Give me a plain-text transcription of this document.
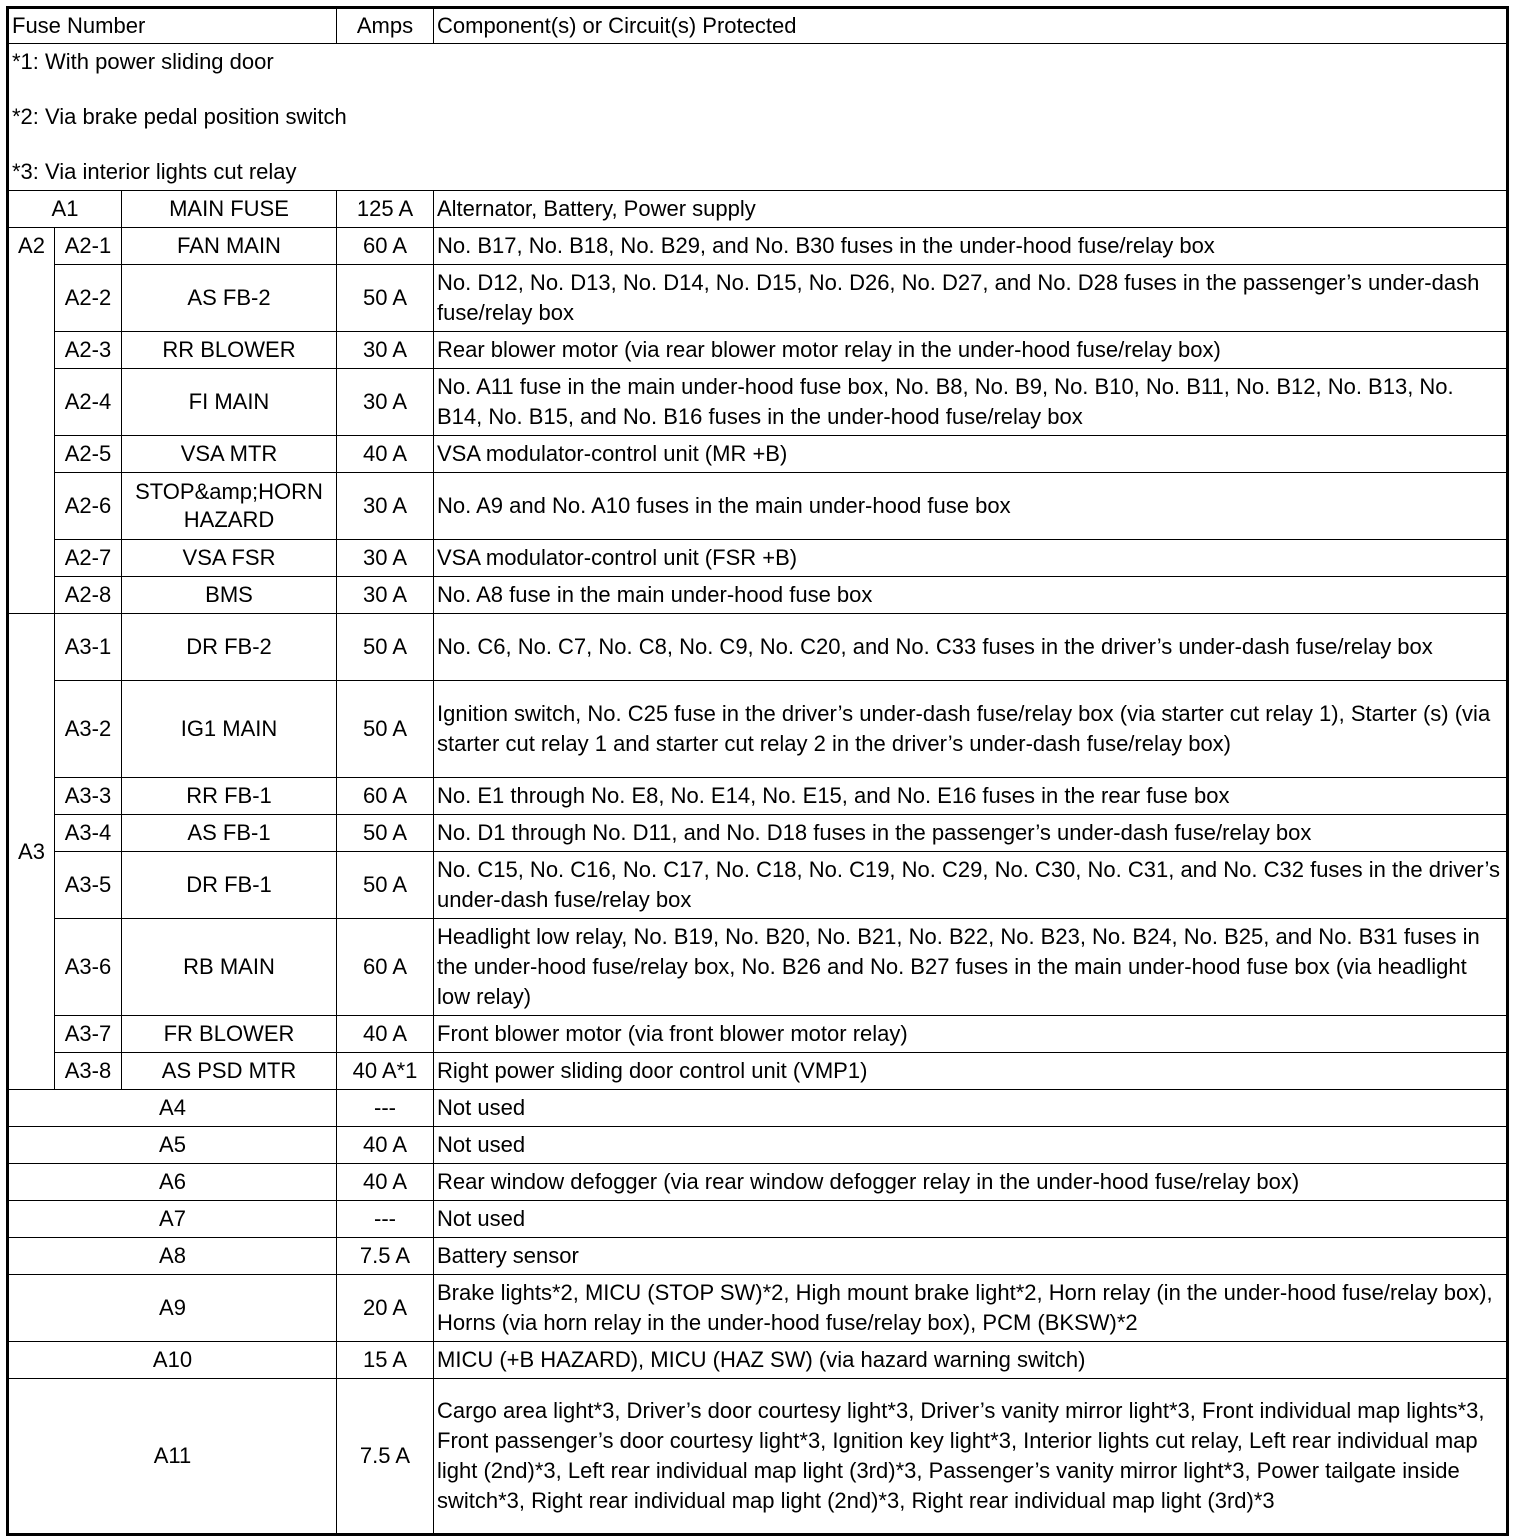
Fuse Number			Amps	Component(s) or Circuit(s) Protected

*1: With power sliding door
*2: Via brake pedal position switch
*3: Via interior lights cut relay				

A1		MAIN FUSE	125 A	Alternator, Battery, Power supply
A2	A2-1	FAN MAIN	60 A	No. B17, No. B18, No. B29, and No. B30 fuses in the under-hood fuse/relay box
	A2-2	AS FB-2	50 A	No. D12, No. D13, No. D14, No. D15, No. D26, No. D27, and No. D28 fuses in the passenger’s under-dash fuse/relay box
	A2-3	RR BLOWER	30 A	Rear blower motor (via rear blower motor relay in the under-hood fuse/relay box)
	A2-4	FI MAIN	30 A	No. A11 fuse in the main under-hood fuse box, No. B8, No. B9, No. B10, No. B11, No. B12, No. B13, No. B14, No. B15, and No. B16 fuses in the under-hood fuse/relay box
	A2-5	VSA MTR	40 A	VSA modulator-control unit (MR +B)
	A2-6	STOP&amp;HORN HAZARD	30 A	No. A9 and No. A10 fuses in the main under-hood fuse box
	A2-7	VSA FSR	30 A	VSA modulator-control unit (FSR +B)
	A2-8	BMS	30 A	No. A8 fuse in the main under-hood fuse box
A3	A3-1	DR FB-2	50 A	No. C6, No. C7, No. C8, No. C9, No. C20, and No. C33 fuses in the driver’s under-dash fuse/relay box
	A3-2	IG1 MAIN	50 A	Ignition switch, No. C25 fuse in the driver’s under-dash fuse/relay box (via starter cut relay 1), Starter (s) (via starter cut relay 1 and starter cut relay 2 in the driver’s under-dash fuse/relay box)
	A3-3	RR FB-1	60 A	No. E1 through No. E8, No. E14, No. E15, and No. E16 fuses in the rear fuse box
	A3-4	AS FB-1	50 A	No. D1 through No. D11, and No. D18 fuses in the passenger’s under-dash fuse/relay box
	A3-5	DR FB-1	50 A	No. C15, No. C16, No. C17, No. C18, No. C19, No. C29, No. C30, No. C31, and No. C32 fuses in the driver’s under-dash fuse/relay box
	A3-6	RB MAIN	60 A	Headlight low relay, No. B19, No. B20, No. B21, No. B22, No. B23, No. B24, No. B25, and No. B31 fuses in the under-hood fuse/relay box, No. B26 and No. B27 fuses in the main under-hood fuse box (via headlight low relay)
	A3-7	FR BLOWER	40 A	Front blower motor (via front blower motor relay)
	A3-8	AS PSD MTR	40 A*1	Right power sliding door control unit (VMP1)
A4			---	Not used
A5			40 A	Not used
A6			40 A	Rear window defogger (via rear window defogger relay in the under-hood fuse/relay box)
A7			---	Not used
A8			7.5 A	Battery sensor
A9			20 A	Brake lights*2, MICU (STOP SW)*2, High mount brake light*2, Horn relay (in the under-hood fuse/relay box), Horns (via horn relay in the under-hood fuse/relay box), PCM (BKSW)*2
A10			15 A	MICU (+B HAZARD), MICU (HAZ SW) (via hazard warning switch)
A11			7.5 A	Cargo area light*3, Driver’s door courtesy light*3, Driver’s vanity mirror light*3, Front individual map lights*3, Front passenger’s door courtesy light*3, Ignition key light*3, Interior lights cut relay, Left rear individual map light (2nd)*3, Left rear individual map light (3rd)*3, Passenger’s vanity mirror light*3, Power tailgate inside switch*3, Right rear individual map light (2nd)*3, Right rear individual map light (3rd)*3
